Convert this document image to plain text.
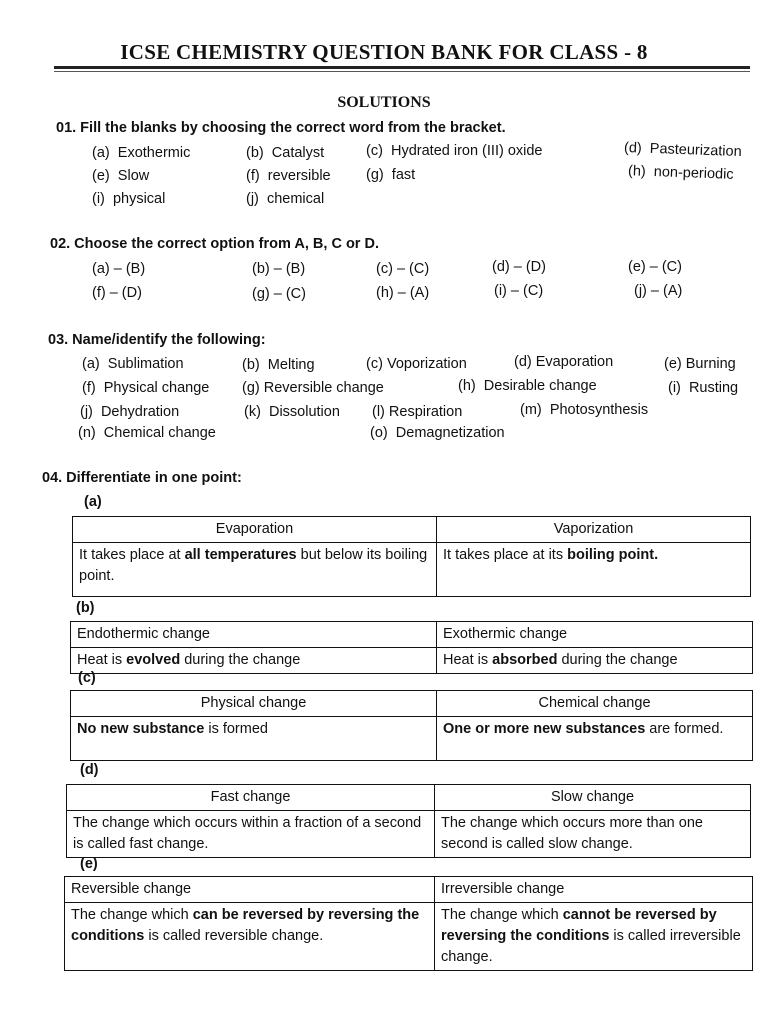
ICSE CHEMISTRY QUESTION BANK FOR CLASS - 8
SOLUTIONS
01. Fill the blanks by choosing the correct word from the bracket.
(a) Exothermic	(b) Catalyst	(c) Hydrated iron (III) oxide	(d) Pasteurization
(e) Slow	(f) reversible (g) fast	(h) non-periodic
(i) physical	(j) chemical
02. Choose the correct option from A, B, C or D.
(a) – (B)	(b) – (B)	(c) – (C)	(d) – (D)	(e) – (C)
(f) – (D)	(g) – (C)	(h) – (A)	(i) – (C)	(j) – (A)
03. Name/identify the following:
(a) Sublimation	(b) Melting	(c) Voporization	(d) Evaporation	(e) Burning
(f) Physical change (g) Reversible change	(h) Desirable change	(i) Rusting
(j) Dehydration	(k) Dissolution (l) Respiration	(m) Photosynthesis
(n) Chemical change	(o) Demagnetization
04. Differentiate in one point:
(a)
Evaporation	Vaporization
It takes place at all temperatures but below its boiling point.	It takes place at its boiling point.
(b)
Endothermic change	Exothermic change
Heat is evolved during the change	Heat is absorbed during the change
(c)
Physical change	Chemical change
No new substance is formed	One or more new substances are formed.
(d)
Fast change	Slow change
The change which occurs within a fraction of a second is called fast change.	The change which occurs more than one second is called slow change.
(e)
Reversible change	Irreversible change
The change which can be reversed by reversing the conditions is called reversible change.	The change which cannot be reversed by reversing the conditions is called irreversible change.
